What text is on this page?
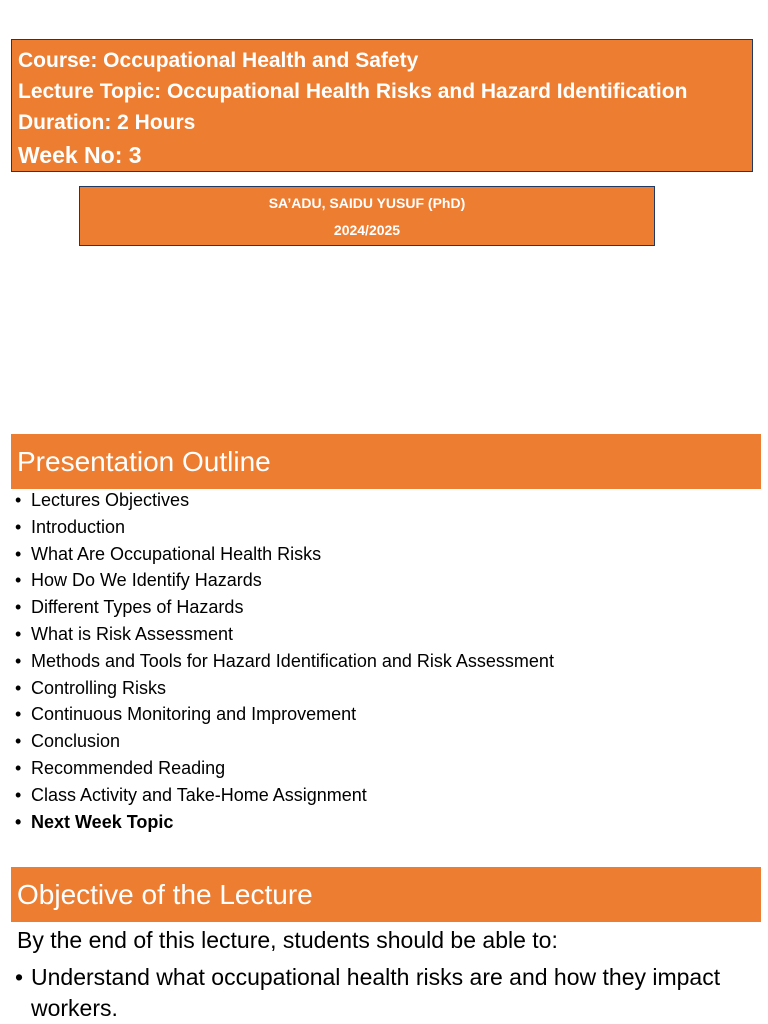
Course: Occupational Health and Safety
Lecture Topic: Occupational Health Risks and Hazard Identification
Duration: 2 Hours
Week No: 3
SA’ADU, SAIDU YUSUF (PhD)
2024/2025
Presentation Outline
• Lectures Objectives
• Introduction
• What Are Occupational Health Risks
• How Do We Identify Hazards
• Different Types of Hazards
• What is Risk Assessment
• Methods and Tools for Hazard Identification and Risk Assessment
• Controlling Risks
• Continuous Monitoring and Improvement
• Conclusion
• Recommended Reading
• Class Activity and Take-Home Assignment
• Next Week Topic
Objective of the Lecture
By the end of this lecture, students should be able to:
• Understand what occupational health risks are and how they impact workers.
